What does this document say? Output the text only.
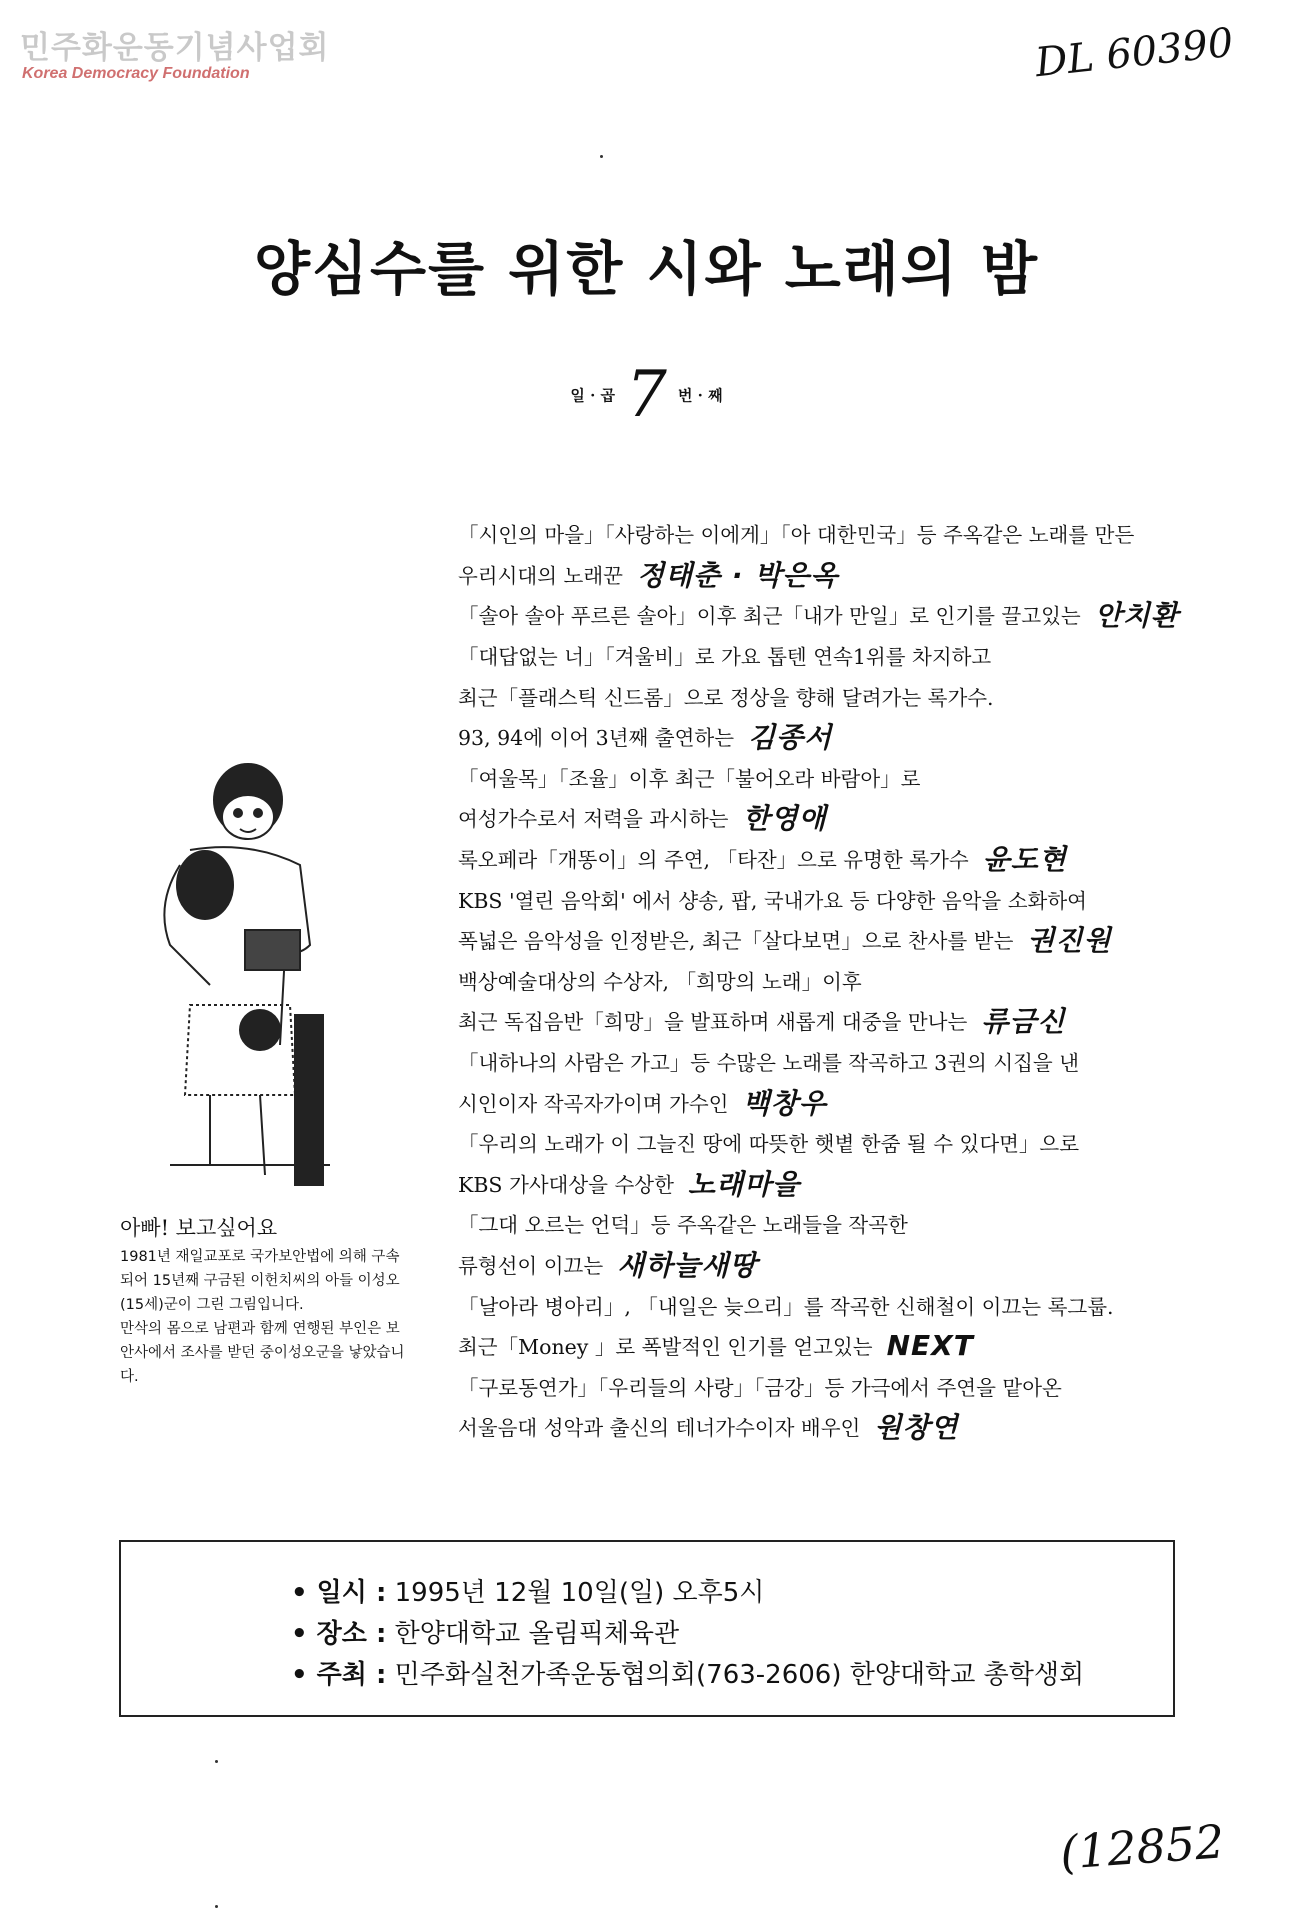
민주화운동기념사업회
Korea Democracy Foundation	DL 60390
양심수를 위한 시와 노래의 밤
일 · 곱 7 번 · 째
「시인의 마을」「사랑하는 이에게」「아 대한민국」등 주옥같은 노래를 만든
우리시대의 노래꾼 정태춘 · 박은옥
「솔아 솔아 푸르른 솔아」이후 최근「내가 만일」로 인기를 끌고있는 안치환
「대답없는 너」「겨울비」로 가요 톱텐 연속1위를 차지하고
최근「플래스틱 신드롬」으로 정상을 향해 달려가는 록가수.
93, 94에 이어 3년째 출연하는 김종서
「여울목」「조율」이후 최근「불어오라 바람아」로
여성가수로서 저력을 과시하는 한영애
록오페라「개똥이」의 주연, 「타잔」으로 유명한 록가수 윤도현
KBS '열린 음악회' 에서 샹송, 팝, 국내가요 등 다양한 음악을 소화하여
폭넓은 음악성을 인정받은, 최근「살다보면」으로 찬사를 받는 권진원
백상예술대상의 수상자, 「희망의 노래」이후
최근 독집음반「희망」을 발표하며 새롭게 대중을 만나는 류금신
「내하나의 사람은 가고」등 수많은 노래를 작곡하고 3권의 시집을 낸
시인이자 작곡자가이며 가수인 백창우
「우리의 노래가 이 그늘진 땅에 따뜻한 햇볕 한줌 될 수 있다면」으로
KBS 가사대상을 수상한 노래마을
「그대 오르는 언덕」등 주옥같은 노래들을 작곡한
류형선이 이끄는 새하늘새땅
「날아라 병아리」, 「내일은 늦으리」를 작곡한 신해철이 이끄는 록그룹.
최근「Money 」로 폭발적인 인기를 얻고있는 NEXT
「구로동연가」「우리들의 사랑」「금강」등 가극에서 주연을 맡아온
서울음대 성악과 출신의 테너가수이자 배우인 원창연
아빠! 보고싶어요

1981년 재일교포로 국가보안법에 의해 구속되어 15년째 구금된 이헌치씨의 아들 이성오(15세)군이 그린 그림입니다.

만삭의 몸으로 남편과 함께 연행된 부인은 보안사에서 조사를 받던 중이성오군을 낳았습니다.

• 일시 :
1995년 12월 10일(일) 오후5시
• 장소 :
한양대학교 올림픽체육관
• 주최 :
민주화실천가족운동협의회(763-2606) 한양대학교 총학생회
(12852
